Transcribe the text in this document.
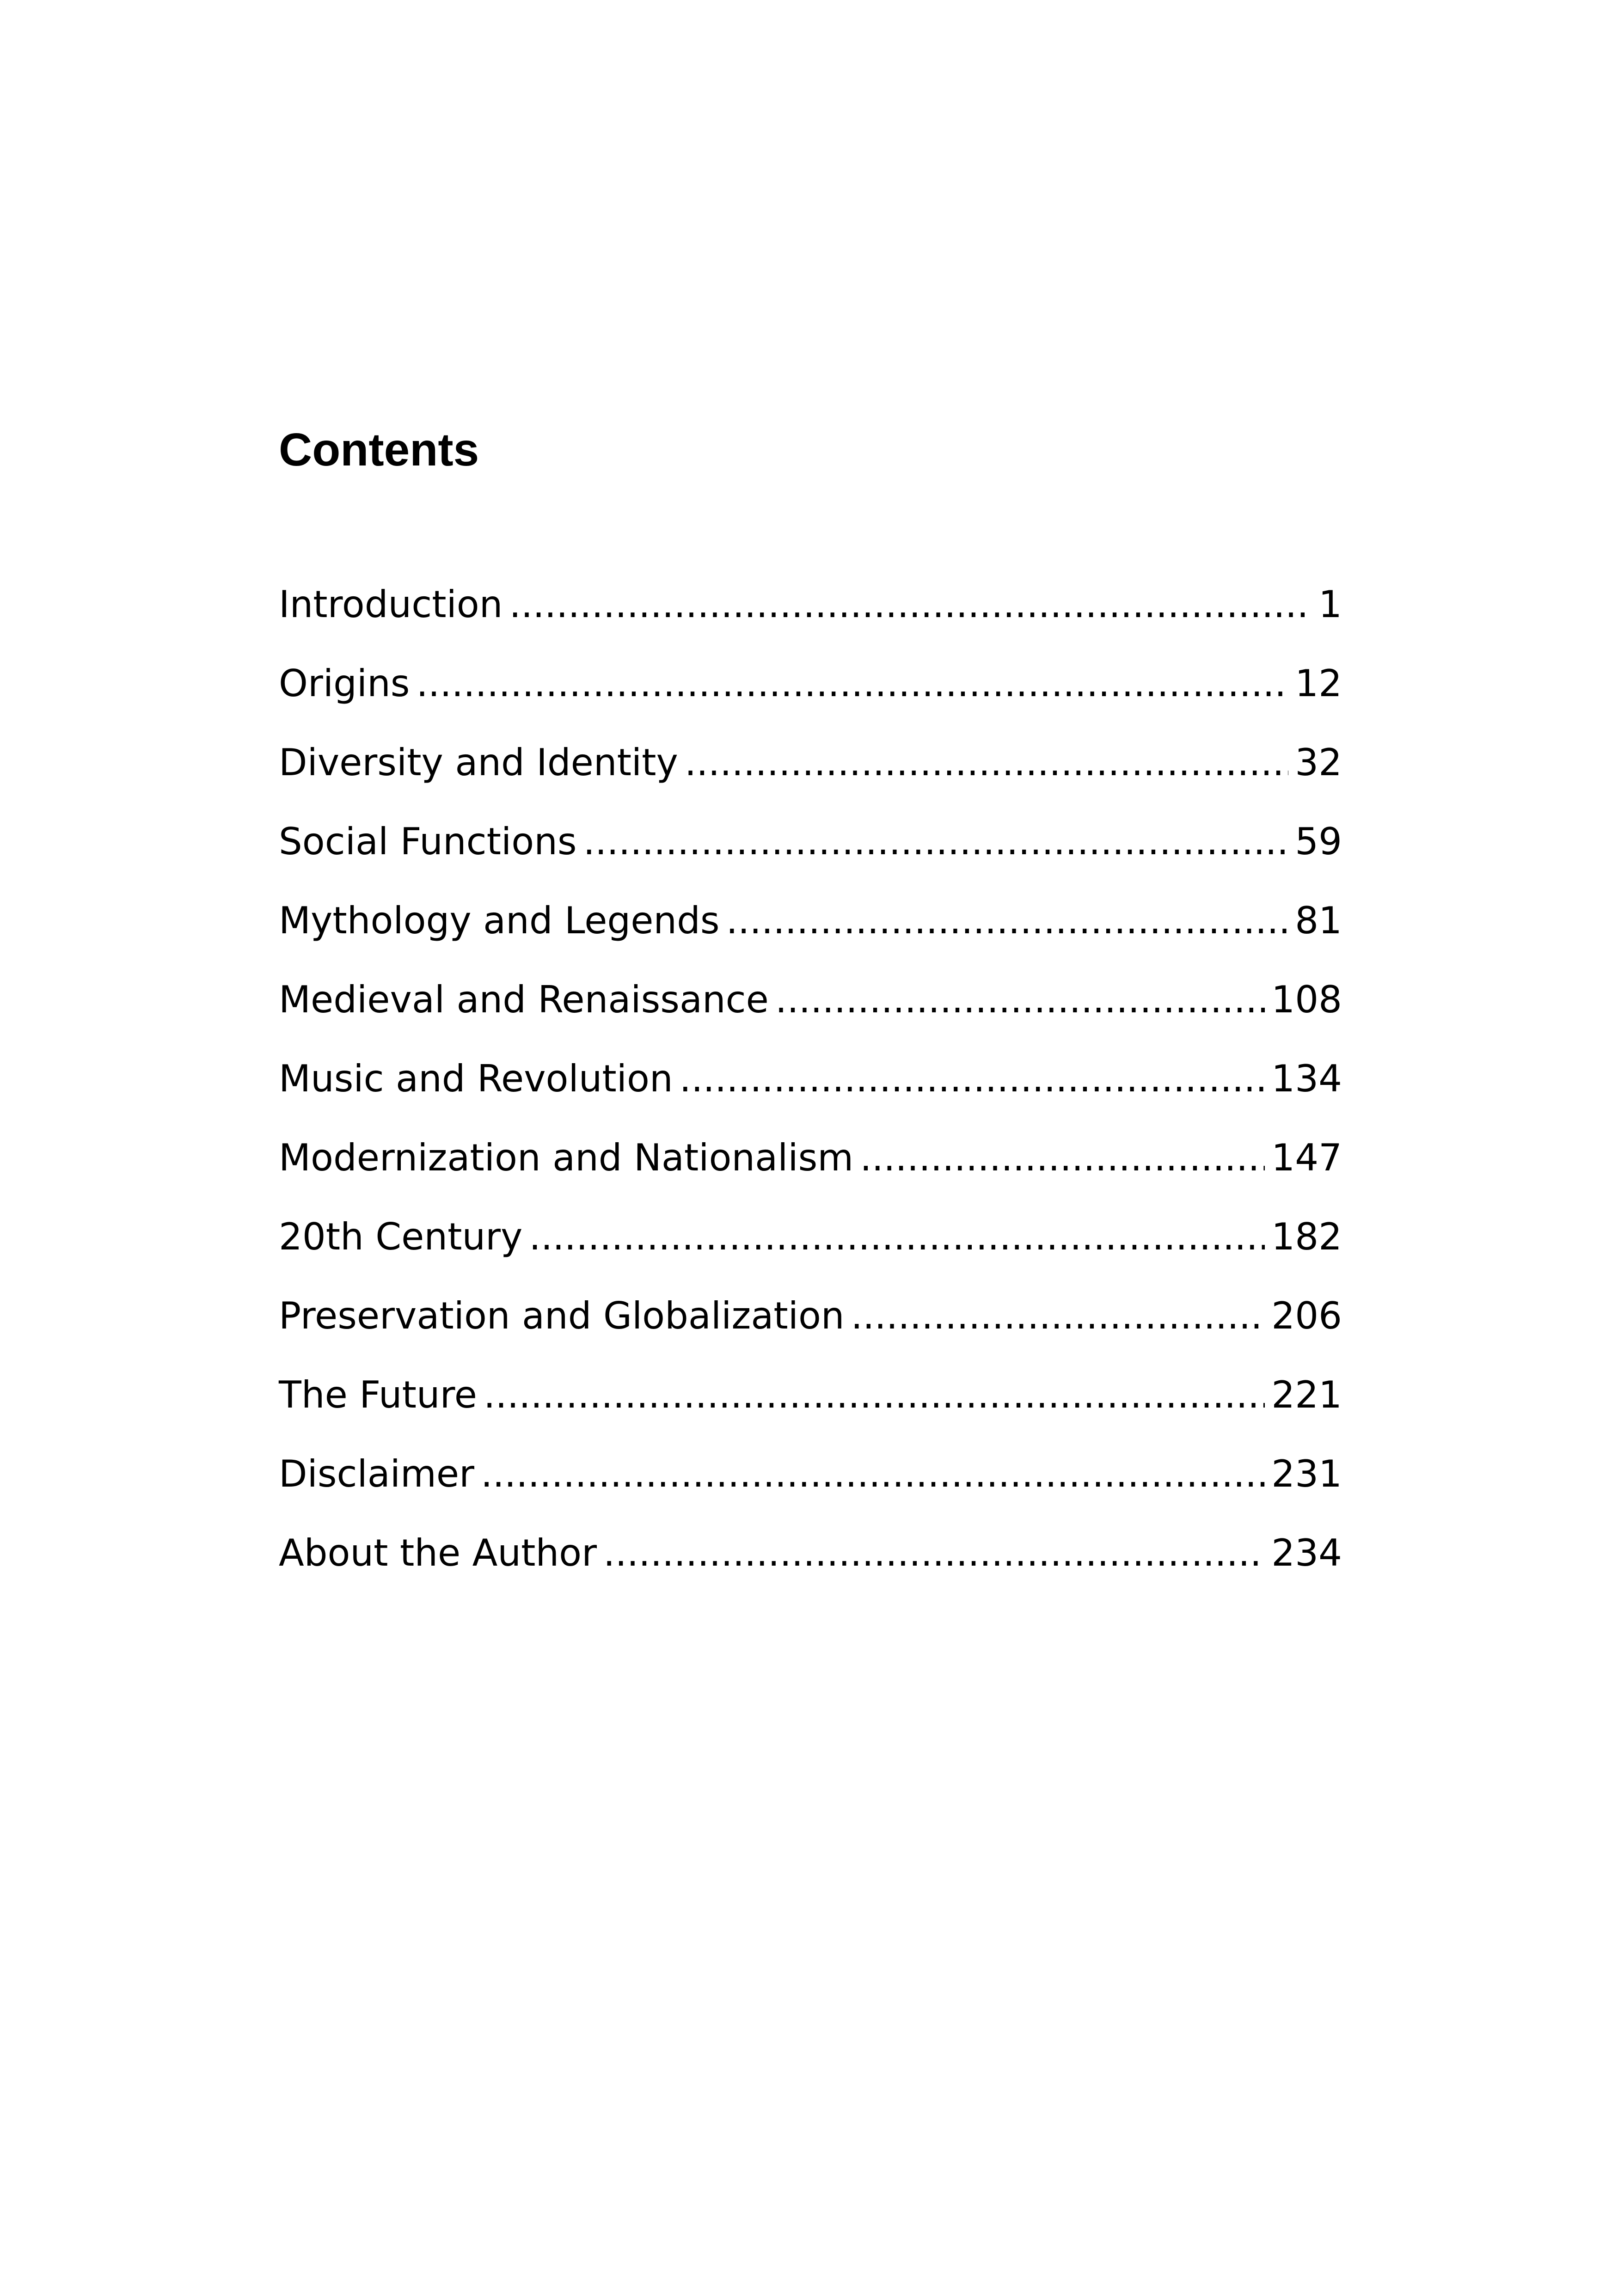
Contents
Introduction .....	1
Origins .....	12
Diversity and Identity .....	32
Social Functions .....	59
Mythology and Legends .....	81
Medieval and Renaissance .....	108
Music and Revolution .....	134
Modernization and Nationalism .....	147
20th Century .....	182
Preservation and Globalization .....	206
The Future .....	221
Disclaimer .....	231
About the Author .....	234
